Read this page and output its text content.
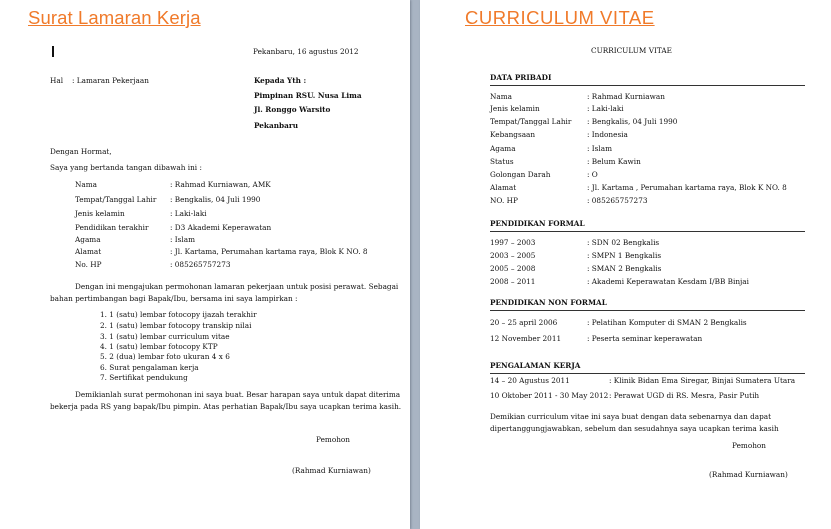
Surat Lamaran Kerja
Pekanbaru, 16 agustus 2012
Hal : Lamaran Pekerjaan	Kepada Yth :
Pimpinan RSU. Nusa Lima
Jl. Ronggo Warsito
Pekanbaru
Dengan Hormat,
Saya yang bertanda tangan dibawah ini :
Nama	: Rahmad Kurniawan, AMK
Tempat/Tanggal Lahir : Bengkalis, 04 Juli 1990
Jenis kelamin	: Laki-laki
Pendidikan terakhir	: D3 Akademi Keperawatan
Agama	: Islam
Alamat	: Jl. Kartama, Perumahan kartama raya, Blok K NO. 8
No. HP	: 085265757273
Dengan ini mengajukan permohonan lamaran pekerjaan untuk posisi perawat. Sebagai
bahan pertimbangan bagi Bapak/Ibu, bersama ini saya lampirkan :
1. 1 (satu) lembar fotocopy ijazah terakhir
2. 1 (satu) lembar fotocopy transkip nilai
3. 1 (satu) lembar curriculum vitae
4. 1 (satu) lembar fotocopy KTP
5. 2 (dua) lembar foto ukuran 4 x 6
6. Surat pengalaman kerja
7. Sertifikat pendukung
Demikianlah surat permohonan ini saya buat. Besar harapan saya untuk dapat diterima
bekerja pada RS yang bapak/Ibu pimpin. Atas perhatian Bapak/Ibu saya ucapkan terima kasih.
Pemohon
(Rahmad Kurniawan)
CURRICULUM VITAE
CURRICULUM VITAE
DATA PRIBADI
Nama	: Rahmad Kurniawan
Jenis kelamin	: Laki-laki
Tempat/Tanggal Lahir : Bengkalis, 04 Juli 1990
Kebangsaan	: Indonesia
Agama	: Islam
Status	: Belum Kawin
Golongan Darah	: O
Alamat	: Jl. Kartama , Perumahan kartama raya, Blok K NO. 8
NO. HP	: 085265757273
PENDIDIKAN FORMAL
1997 – 2003	: SDN 02 Bengkalis
2003 – 2005	: SMPN 1 Bengkalis
2005 – 2008	: SMAN 2 Bengkalis
2008 – 2011	: Akademi Keperawatan Kesdam I/BB Binjai
PENDIDIKAN NON FORMAL
20 – 25 april 2006	: Pelatihan Komputer di SMAN 2 Bengkalis
12 November 2011	: Peserta seminar keperawatan
PENGALAMAN KERJA
14 – 20 Agustus 2011	: Klinik Bidan Ema Siregar, Binjai Sumatera Utara
10 Oktober 2011 - 30 May 2012 : Perawat UGD di RS. Mesra, Pasir Putih
Demikian curriculum vitae ini saya buat dengan data sebenarnya dan dapat
dipertanggungjawabkan, sebelum dan sesudahnya saya ucapkan terima kasih
Pemohon
(Rahmad Kurniawan)
